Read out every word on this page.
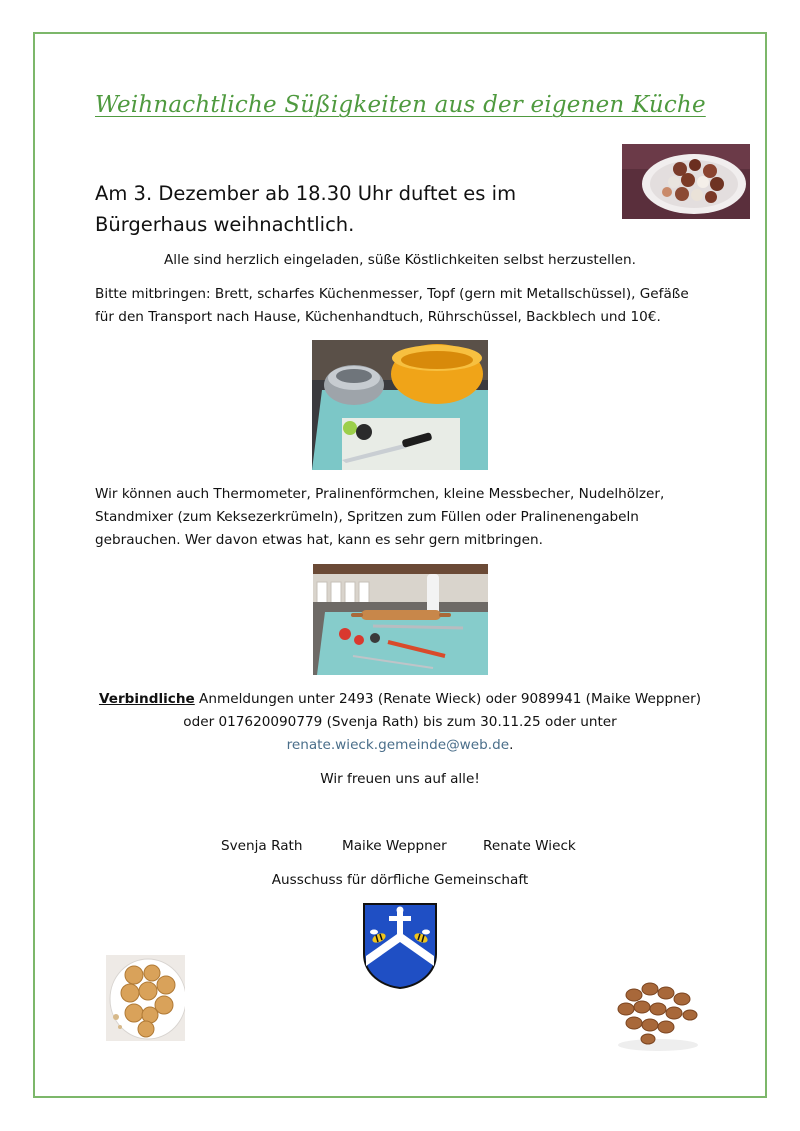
Weihnachtliche Süßigkeiten aus der eigenen Küche
Am 3. Dezember ab 18.30 Uhr duftet es im Bürgerhaus weihnachtlich.
Alle sind herzlich eingeladen, süße Köstlichkeiten selbst herzustellen.
Bitte mitbringen: Brett, scharfes Küchenmesser, Topf (gern mit Metallschüssel), Gefäße für den Transport nach Hause, Küchenhandtuch, Rührschüssel, Backblech und 10€.
Wir können auch Thermometer, Pralinenförmchen, kleine Messbecher, Nudelhölzer, Standmixer (zum Keksezerkrümeln), Spritzen zum Füllen oder Pralinenengabeln gebrauchen. Wer davon etwas hat, kann es sehr gern mitbringen.
Verbindliche Anmeldungen unter 2493 (Renate Wieck) oder 9089941 (Maike Weppner)
oder 017620090779 (Svenja Rath) bis zum 30.11.25 oder unter
renate.wieck.gemeinde@web.de.
Wir freuen uns auf alle!
Svenja Rath	Maike Weppner	Renate Wieck
Ausschuss für dörfliche Gemeinschaft
